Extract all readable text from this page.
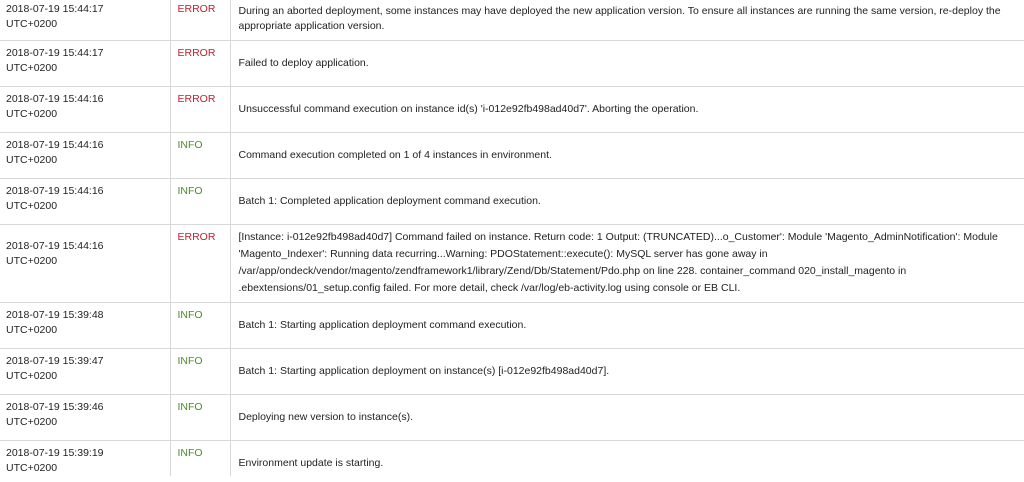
2018-07-19 15:44:17
UTC+0200	ERROR	During an aborted deployment, some instances may have deployed the new application version. To ensure all instances are running the same version, re-deploy the appropriate application version.
2018-07-19 15:44:17
UTC+0200	ERROR	Failed to deploy application.
2018-07-19 15:44:16
UTC+0200	ERROR	Unsuccessful command execution on instance id(s) 'i-012e92fb498ad40d7'. Aborting the operation.
2018-07-19 15:44:16
UTC+0200	INFO	Command execution completed on 1 of 4 instances in environment.
2018-07-19 15:44:16
UTC+0200	INFO	Batch 1: Completed application deployment command execution.
2018-07-19 15:44:16
UTC+0200	ERROR	[Instance: i-012e92fb498ad40d7] Command failed on instance. Return code: 1 Output: (TRUNCATED)...o_Customer': Module 'Magento_AdminNotification': Module 'Magento_Indexer': Running data recurring...Warning: PDOStatement::execute(): MySQL server has gone away in /var/app/ondeck/vendor/magento/zendframework1/library/Zend/Db/Statement/Pdo.php on line 228. container_command 020_install_magento in .ebextensions/01_setup.config failed. For more detail, check /var/log/eb-activity.log using console or EB CLI.
2018-07-19 15:39:48
UTC+0200	INFO	Batch 1: Starting application deployment command execution.
2018-07-19 15:39:47
UTC+0200	INFO	Batch 1: Starting application deployment on instance(s) [i-012e92fb498ad40d7].
2018-07-19 15:39:46
UTC+0200	INFO	Deploying new version to instance(s).
2018-07-19 15:39:19
UTC+0200	INFO	Environment update is starting.
